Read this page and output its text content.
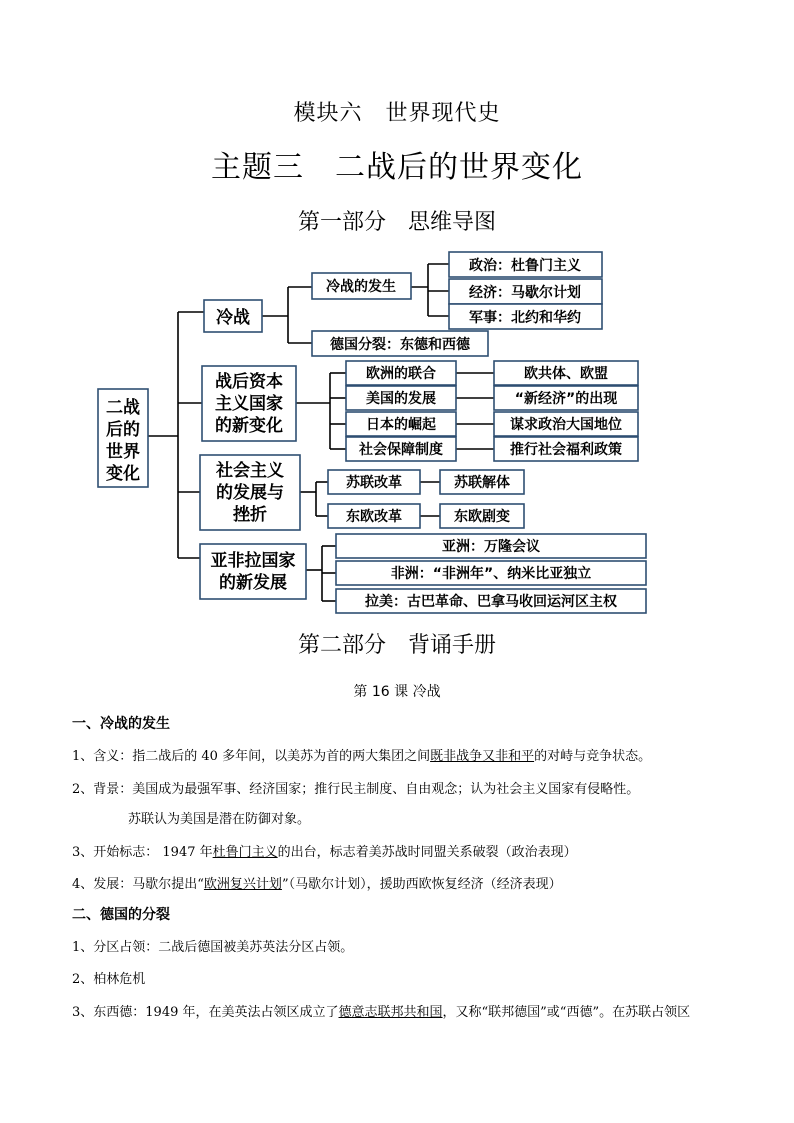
模块六　世界现代史
主题三　二战后的世界变化
第一部分　思维导图
二战
后的
世界
变化
冷战
冷战的发生
政治：杜鲁门主义
经济：马歇尔计划
军事：北约和华约
德国分裂：东德和西德
战后资本
主义国家
的新变化
欧洲的联合
美国的发展
日本的崛起
社会保障制度
欧共体、欧盟
“新经济”的出现
谋求政治大国地位
推行社会福利政策
社会主义
的发展与
挫折
苏联改革
东欧改革
苏联解体
东欧剧变
亚非拉国家
的新发展
亚洲：万隆会议
非洲：“非洲年”、纳米比亚独立
拉美：古巴革命、巴拿马收回运河区主权
第二部分　背诵手册
第 16 课 冷战
一、冷战的发生
1、含义：指二战后的 40 多年间，以美苏为首的两大集团之间既非战争又非和平的对峙与竞争状态。
2、背景：美国成为最强军事、经济国家；推行民主制度、自由观念；认为社会主义国家有侵略性。
苏联认为美国是潜在防御对象。
3、开始标志： 1947 年杜鲁门主义的出台，标志着美苏战时同盟关系破裂（政治表现）
4、发展：马歇尔提出“欧洲复兴计划”（马歇尔计划），援助西欧恢复经济（经济表现）
二、德国的分裂
1、分区占领：二战后德国被美苏英法分区占领。
2、柏林危机
3、东西德：1949 年，在美英法占领区成立了德意志联邦共和国，又称“联邦德国”或“西德”。在苏联占领区
